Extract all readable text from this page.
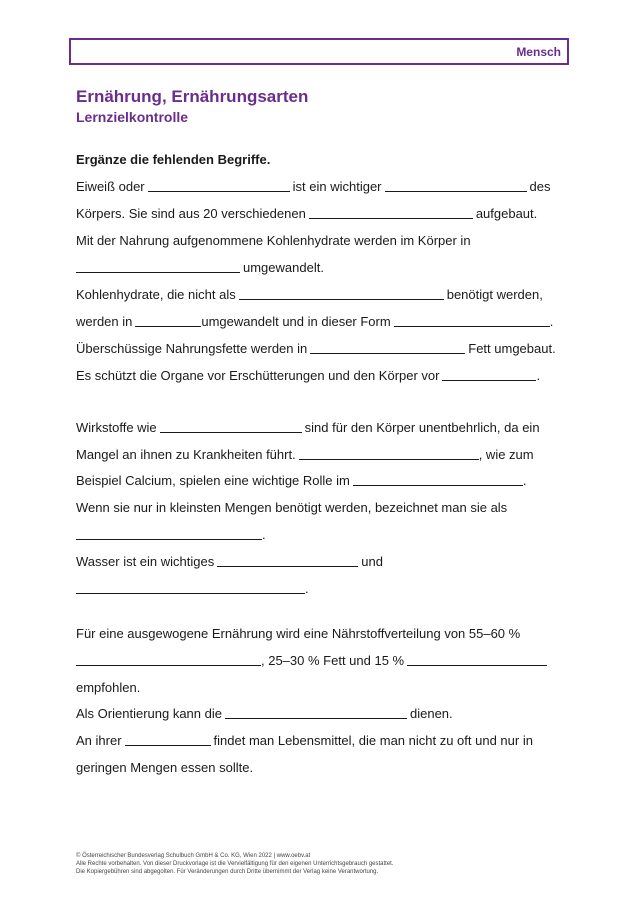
Mensch
Ernährung, Ernährungsarten
Lernzielkontrolle
Ergänze die fehlenden Begriffe.
Eiweiß oder	ist ein wichtiger	des
Körpers. Sie sind aus 20 verschiedenen	aufgebaut.
Mit der Nahrung aufgenommene Kohlenhydrate werden im Körper in
umgewandelt.
Kohlenhydrate, die nicht als	benötigt werden,
werden in	umgewandelt und in dieser Form	.
Überschüssige Nahrungsfette werden in	Fett umgebaut.
Es schützt die Organe vor Erschütterungen und den Körper vor	.
Wirkstoffe wie	sind für den Körper unentbehrlich, da ein
Mangel an ihnen zu Krankheiten führt.	, wie zum
Beispiel Calcium, spielen eine wichtige Rolle im	.
Wenn sie nur in kleinsten Mengen benötigt werden, bezeichnet man sie als
.
Wasser ist ein wichtiges	und
.
Für eine ausgewogene Ernährung wird eine Nährstoffverteilung von 55–60 %
, 25–30 % Fett und 15 %
empfohlen.
Als Orientierung kann die	dienen.
An ihrer	findet man Lebensmittel, die man nicht zu oft und nur in
geringen Mengen essen sollte.
© Österreichischer Bundesverlag Schulbuch GmbH & Co. KG, Wien 2022 | www.oebv.at
Alle Rechte vorbehalten. Von dieser Druckvorlage ist die Vervielfältigung für den eigenen Unterrichtsgebrauch gestattet.
Die Kopiergebühren sind abgegolten. Für Veränderungen durch Dritte übernimmt der Verlag keine Verantwortung.
